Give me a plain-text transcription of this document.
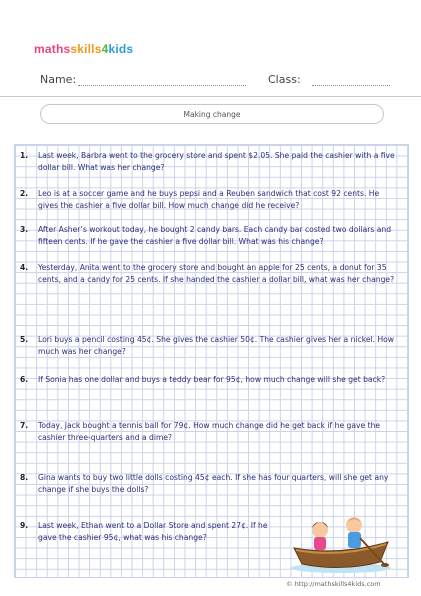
mathsskills4kids
Name:	Class:
Making change
1. Last week, Barbra went to the grocery store and spent $2.05. She paid the cashier with a five dollar bill. What was her change?
2. Leo is at a soccer game and he buys pepsi and a Reuben sandwich that cost 92 cents. He gives the cashier a five dollar bill. How much change did he receive?
3. After Asher’s workout today, he bought 2 candy bars. Each candy bar costed two dollars and fifteen cents. If he gave the cashier a five dollar bill. What was his change?
4. Yesterday, Anita went to the grocery store and bought an apple for 25 cents, a donut for 35 cents, and a candy for 25 cents. If she handed the cashier a dollar bill, what was her change?
5. Lori buys a pencil costing 45¢. She gives the cashier 50¢. The cashier gives her a nickel. How much was her change?
6. If Sonia has one dollar and buys a teddy bear for 95¢, how much change will she get back?
7. Today, Jack bought a tennis ball for 79¢. How much change did he get back if he gave the cashier three-quarters and a dime?
8. Gina wants to buy two little dolls costing 45¢ each. If she has four quarters, will she get any change if she buys the dolls?
9. Last week, Ethan went to a Dollar Store and spent 27¢. If he gave the cashier 95¢, what was his change?
© http://mathskills4kids.com
